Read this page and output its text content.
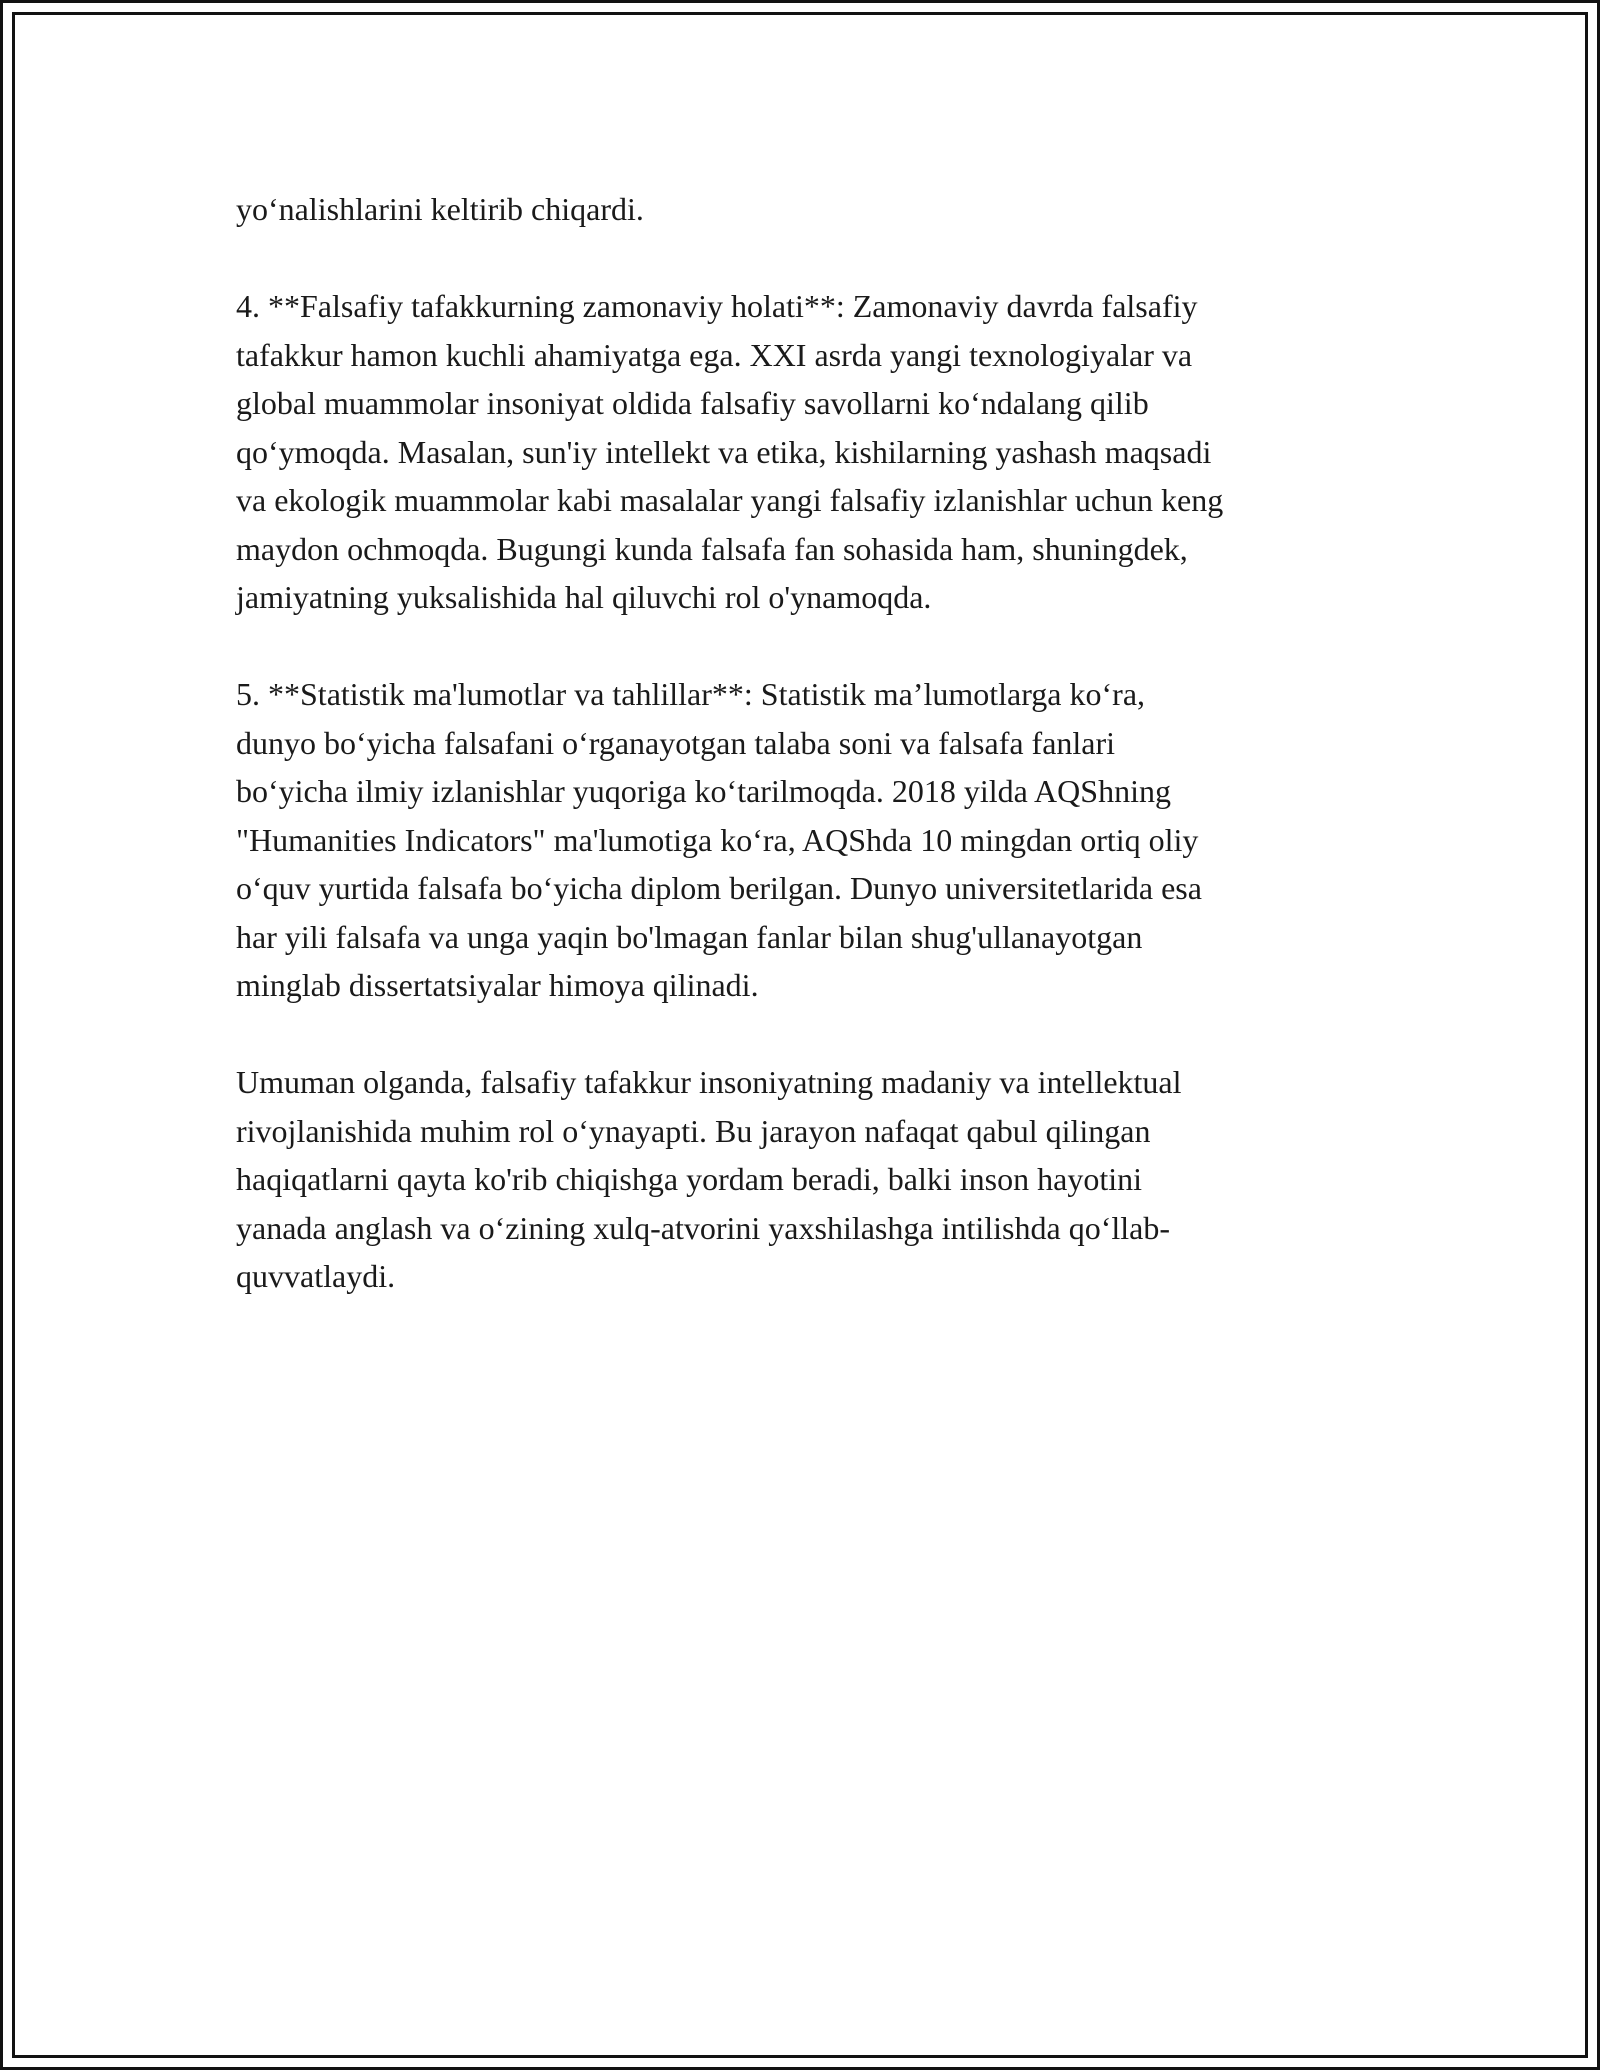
yo‘nalishlarini keltirib chiqardi.

4. **Falsafiy tafakkurning zamonaviy holati**: Zamonaviy davrda falsafiy
tafakkur hamon kuchli ahamiyatga ega. XXI asrda yangi texnologiyalar va
global muammolar insoniyat oldida falsafiy savollarni ko‘ndalang qilib
qo‘ymoqda. Masalan, sun'iy intellekt va etika, kishilarning yashash maqsadi
va ekologik muammolar kabi masalalar yangi falsafiy izlanishlar uchun keng
maydon ochmoqda. Bugungi kunda falsafa fan sohasida ham, shuningdek,
jamiyatning yuksalishida hal qiluvchi rol o'ynamoqda.

5. **Statistik ma'lumotlar va tahlillar**: Statistik ma’lumotlarga ko‘ra,
dunyo bo‘yicha falsafani o‘rganayotgan talaba soni va falsafa fanlari
bo‘yicha ilmiy izlanishlar yuqoriga ko‘tarilmoqda. 2018 yilda AQShning
"Humanities Indicators" ma'lumotiga ko‘ra, AQShda 10 mingdan ortiq oliy
o‘quv yurtida falsafa bo‘yicha diplom berilgan. Dunyo universitetlarida esa
har yili falsafa va unga yaqin bo'lmagan fanlar bilan shug'ullanayotgan
minglab dissertatsiyalar himoya qilinadi.

Umuman olganda, falsafiy tafakkur insoniyatning madaniy va intellektual
rivojlanishida muhim rol o‘ynayapti. Bu jarayon nafaqat qabul qilingan
haqiqatlarni qayta ko'rib chiqishga yordam beradi, balki inson hayotini
yanada anglash va o‘zining xulq-atvorini yaxshilashga intilishda qo‘llab-
quvvatlaydi.
